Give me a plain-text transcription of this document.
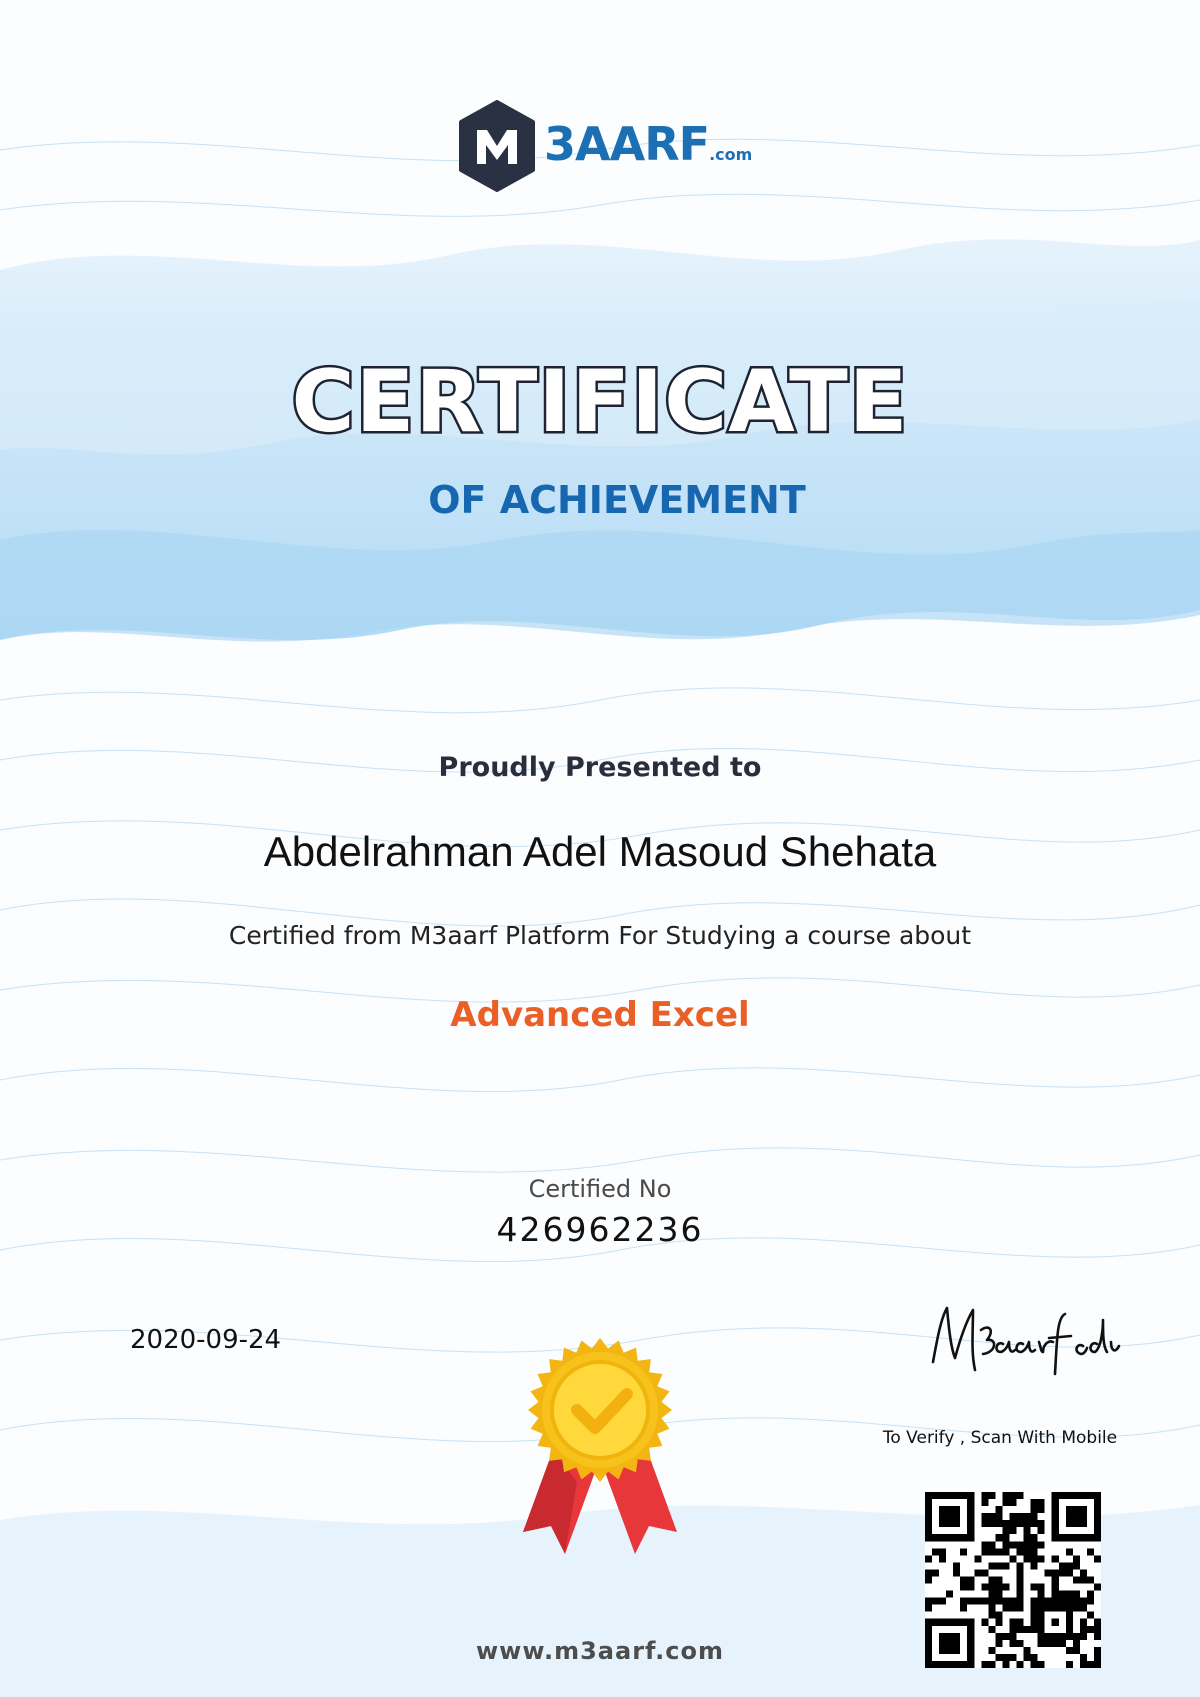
3AARF.com
CERTIFICATE
OF ACHIEVEMENT
Proudly Presented to
Abdelrahman Adel Masoud Shehata
Certified from M3aarf Platform For Studying a course about
Advanced Excel
Certified No
426962236
2020-09-24
To Verify , Scan With Mobile
www.m3aarf.com
